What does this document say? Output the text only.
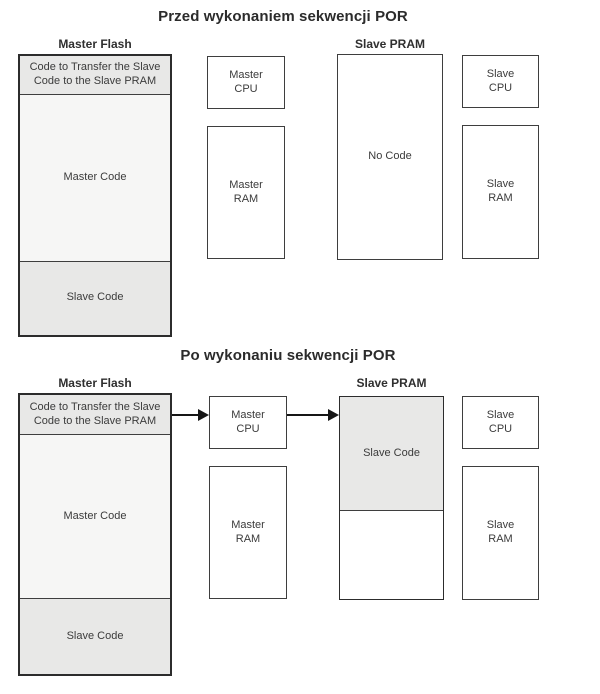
Przed wykonaniem sekwencji POR
Master Flash
Code to Transfer the Slave Code to the Slave PRAM
Master Code
Slave Code
Master
CPU
Master
RAM
Slave PRAM
No Code
Slave
CPU
Slave
RAM
Po wykonaniu sekwencji POR
Master Flash
Code to Transfer the Slave Code to the Slave PRAM
Master Code
Slave Code
Master
CPU
Master
RAM
Slave PRAM
Slave Code
Slave
CPU
Slave
RAM
